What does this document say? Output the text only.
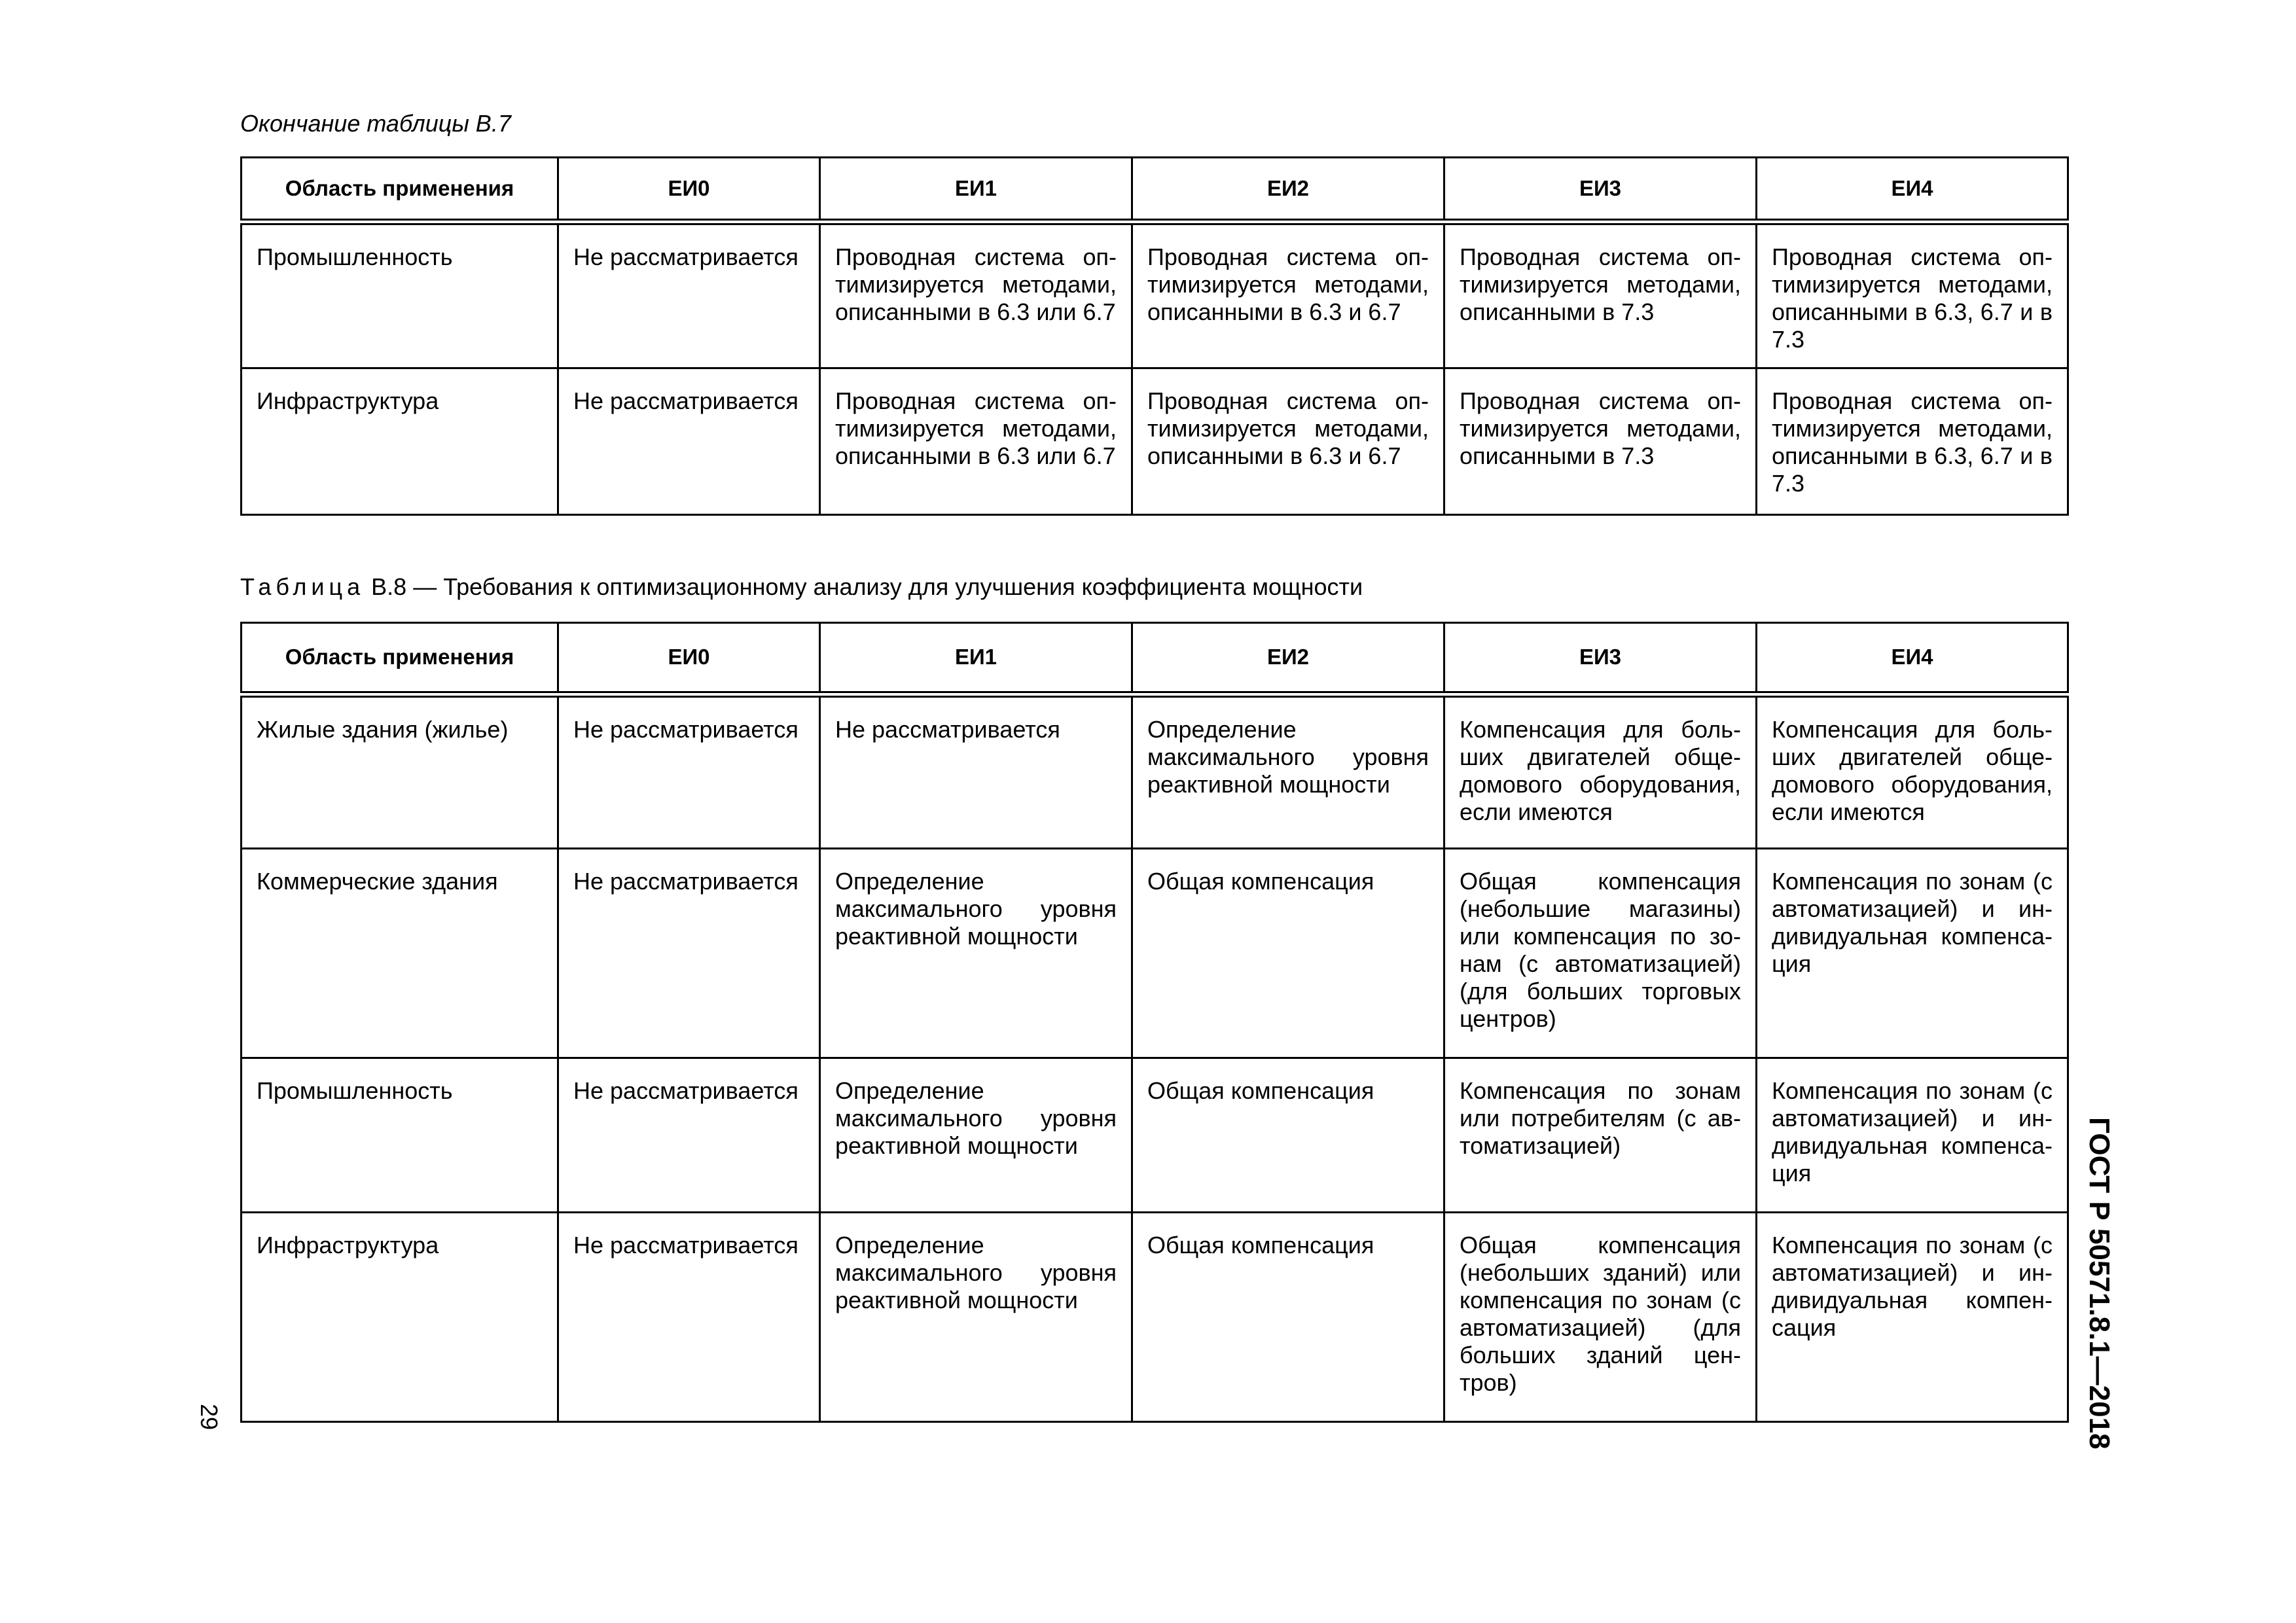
Окончание таблицы В.7
Область применения	ЕИ0	ЕИ1	ЕИ2	ЕИ3	ЕИ4
Промышленность	Не рассматривается	Проводная система оптимизируется методами, описанными в 6.3 или 6.7	Проводная система оптимизируется методами, описанными в 6.3 и 6.7	Проводная система оптимизируется методами, описанными в 7.3	Проводная система оптимизируется методами, описанными в 6.3, 6.7 и в 7.3
Инфраструктура	Не рассматривается	Проводная система оптимизируется методами, описанными в 6.3 или 6.7	Проводная система оптимизируется методами, описанными в 6.3 и 6.7	Проводная система оптимизируется методами, описанными в 7.3	Проводная система оптимизируется методами, описанными в 6.3, 6.7 и в 7.3
Таблица В.8 — Требования к оптимизационному анализу для улучшения коэффициента мощности
Область применения	ЕИ0	ЕИ1	ЕИ2	ЕИ3	ЕИ4
Жилые здания (жилье)	Не рассматривается	Не рассматривается	Определение максимального уровня реактивной мощности	Компенсация для больших двигателей общедомового оборудования, если имеются	Компенсация для больших двигателей общедомового оборудования, если имеются
Коммерческие здания	Не рассматривается	Определение максимального уровня реактивной мощности	Общая компенсация	Общая компенсация (небольшие магазины) или компенсация по зонам (с автоматизацией) (для больших торговых центров)	Компенсация по зонам (с автоматизацией) и индивидуальная компенсация
Промышленность	Не рассматривается	Определение максимального уровня реактивной мощности	Общая компенсация	Компенсация по зонам или потребителям (с автоматизацией)	Компенсация по зонам (с автоматизацией) и индивидуальная компенсация
Инфраструктура	Не рассматривается	Определение максимального уровня реактивной мощности	Общая компенсация	Общая компенсация (небольших зданий) или компенсация по зонам (с автоматизацией) (для больших зданий центров)	Компенсация по зонам (с автоматизацией) и индивидуальная компенсация	ГОСТ Р 50571.8.1—2018
29
